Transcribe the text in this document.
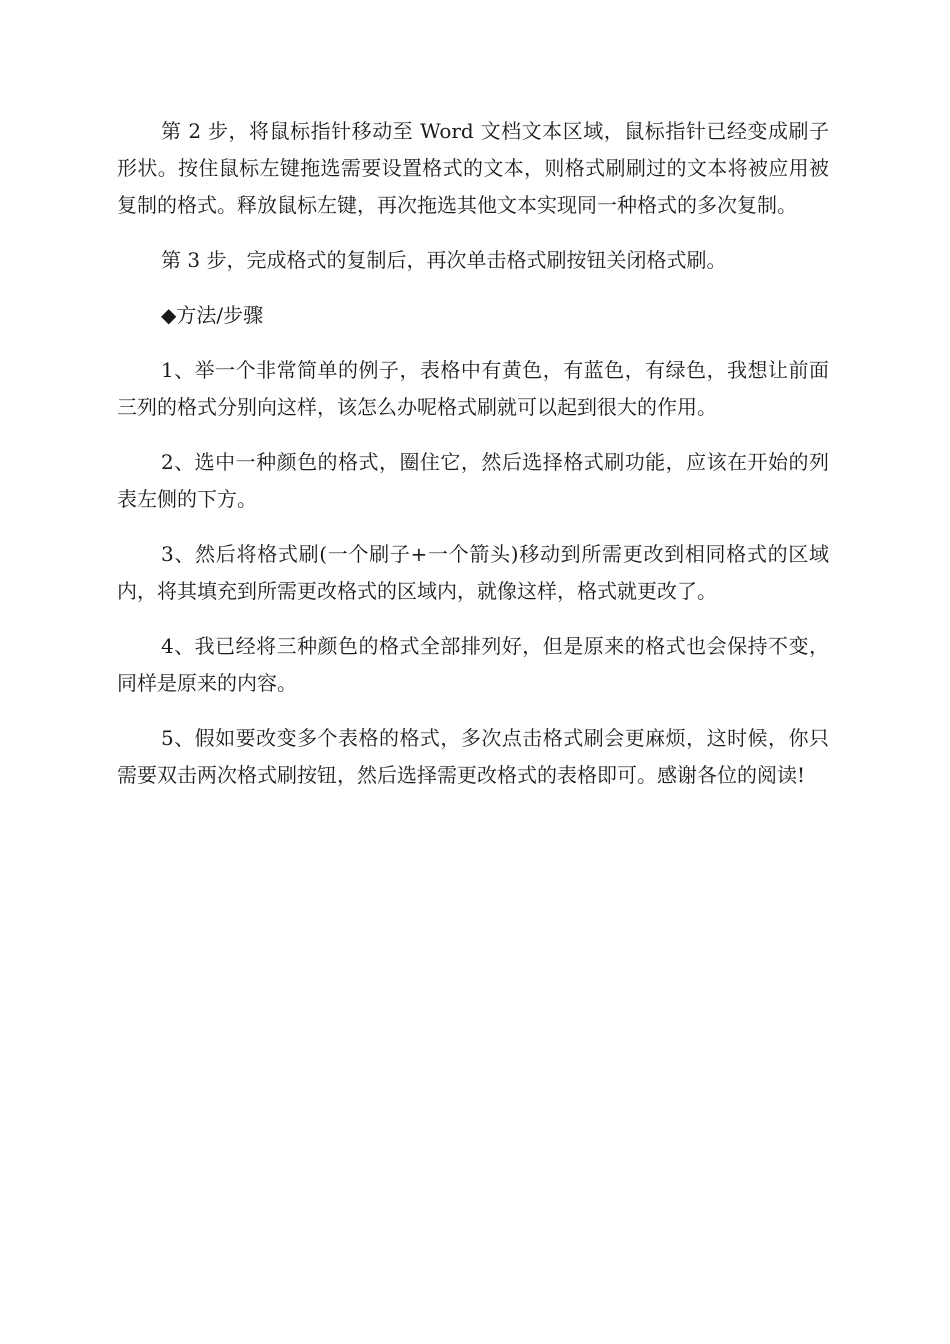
第 2 步，将鼠标指针移动至 Word 文档文本区域，鼠标指针已经变成刷子形状。按住鼠标左键拖选需要设置格式的文本，则格式刷刷过的文本将被应用被复制的格式。释放鼠标左键，再次拖选其他文本实现同一种格式的多次复制。

第 3 步，完成格式的复制后，再次单击格式刷按钮关闭格式刷。

◆方法/步骤

1、举一个非常简单的例子，表格中有黄色，有蓝色，有绿色，我想让前面三列的格式分别向这样，该怎么办呢格式刷就可以起到很大的作用。

2、选中一种颜色的格式，圈住它，然后选择格式刷功能，应该在开始的列表左侧的下方。

3、然后将格式刷(一个刷子+一个箭头)移动到所需更改到相同格式的区域内，将其填充到所需更改格式的区域内，就像这样，格式就更改了。

4、我已经将三种颜色的格式全部排列好，但是原来的格式也会保持不变，同样是原来的内容。

5、假如要改变多个表格的格式，多次点击格式刷会更麻烦，这时候，你只需要双击两次格式刷按钮，然后选择需更改格式的表格即可。感谢各位的阅读!
